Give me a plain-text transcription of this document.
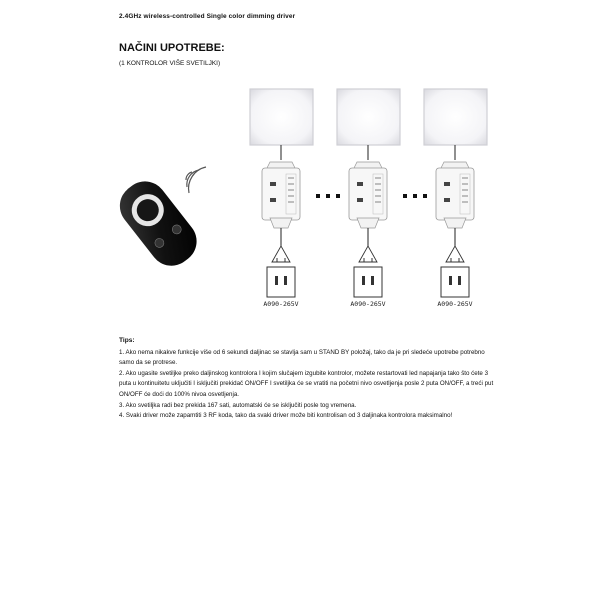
2.4GHz wireless-controlled Single color dimming driver
NAČINI UPOTREBE:
(1 KONTROLOR VIŠE SVETILJKI)
A090-265V	A090-265V	A090-265V
Tips:

1. Ako nema nikakve funkcije više od 6 sekundi daljinac se stavlja sam u STAND BY položaj, tako da je pri sledeće upotrebe potrebno samo da se protrese.

2. Ako ugasite svetiljke preko daljinskog kontrolora I kojim slučajem izgubite kontrolor, možete restartovati led napajanja tako što ćete 3 puta u kontinuitetu uključiti I isključiti prekidač ON/OFF I svetiljka će se vratiti na početni nivo osvetljenja posle 2 puta ON/OFF, a treći put ON/OFF će doći do 100% nivoa osvetljenja.

3. Ako svetiljka radi bez prekida 167 sati, automatski će se isključiti posle tog vremena.

4. Svaki driver može zapamtiti 3 RF koda, tako da svaki driver može biti kontrolisan od 3 daljinaka kontrolora maksimalno!
